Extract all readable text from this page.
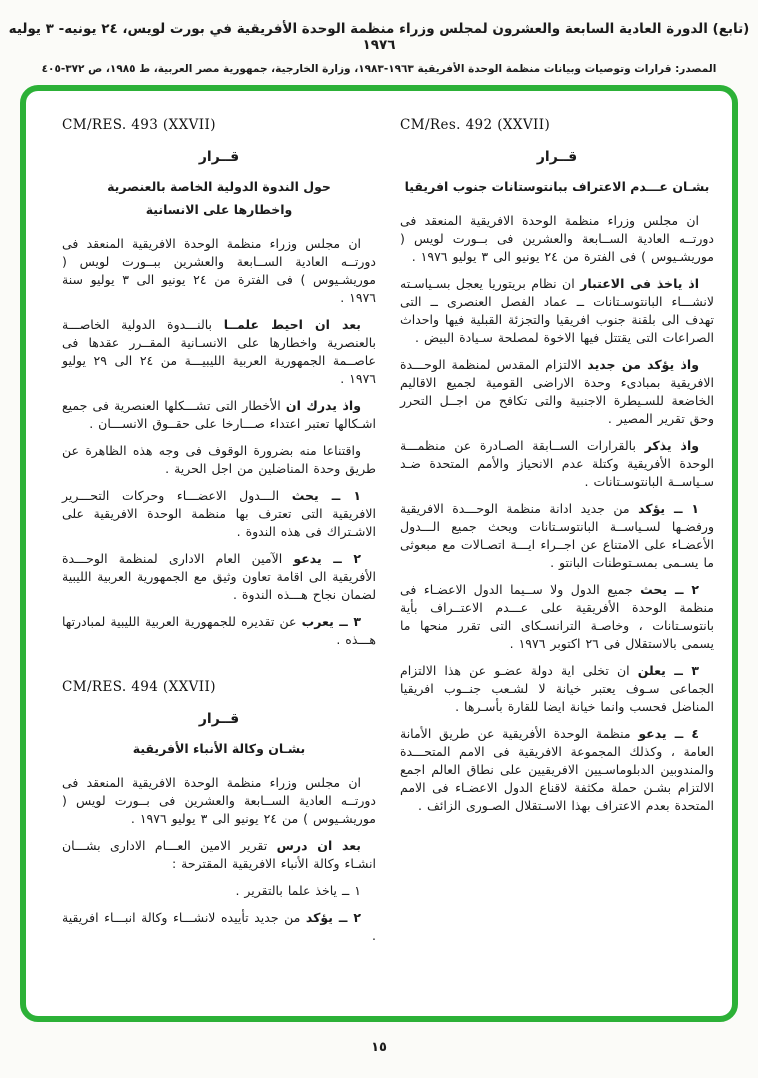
(تابع) الدورة العادية السابعة والعشرون لمجلس وزراء منظمة الوحدة الأفريقية في بورت لويس، ٢٤ يونيه- ٣ يوليه ١٩٧٦
المصدر: قرارات وتوصيات وبيانات منظمة الوحدة الأفريقية ١٩٦٣-١٩٨٣، وزارة الخارجية، جمهورية مصر العربية، ط ١٩٨٥، ص ٣٧٢-٤٠٥
CM/Res. 492 (XXVII)
قــرار
بشـان عـــدم الاعتراف ببانتوستانات جنوب افريقيا

ان مجلس وزراء منظمة الوحدة الافريقية المنعقد فى دورتــه العادية الســابعة والعشرين فى بــورت لويس ( موريشـيوس ) فى الفترة من ٢٤ يونيو الى ٣ يوليو ١٩٧٦ .

اذ ياخذ فى الاعتبار ان نظام بريتوريا يعجل بسـياسـته لانشـــاء البانتوسـتانات ــ عماد الفصل العنصرى ــ التى تهدف الى بلقنة جنوب افريقيا والتجزئة القبلية فيها واحداث الصراعات التى يقتتل فيها الاخوة لمصلحة سـيادة البيض .

واذ يؤكد من جديد الالتزام المقدس لمنظمة الوحـــدة الافريقية بمبادىء وحدة الاراضى القومية لجميع الاقاليم الخاضعة للسـيطرة الاجنبية والتى تكافح من اجــل التحرر وحق تقرير المصير .

واذ يذكر بالقرارات الســابقة الصـادرة عن منظمـــة الوحدة الأفريقية وكتلة عدم الانحياز والأمم المتحدة ضـد سـياســة البانتوسـتانات .

١ ــ يؤكد من جديد ادانة منظمة الوحـــدة الافريقية ورفضـها لسـياســة البانتوسـتانات ويحث جميع الـــدول الأعضـاء على الامتناع عن اجــراء ايـــة اتصـالات مع مبعوثى ما يسـمى بمسـتوطنات البانتو .

٢ ــ يحث جميع الدول ولا ســيما الدول الاعضـاء فى منظمة الوحدة الأفريقية على عـــدم الاعتــراف بأية بانتوسـتانات ، وخاصـة الترانسـكاى التى تقرر منحها ما يسمى بالاستقلال فى ٢٦ اكتوبر ١٩٧٦ .

٣ ــ يعلن ان تخلى اية دولة عضـو عن هذا الالتزام الجماعى سـوف يعتبر خيانة لا لشـعب جنــوب افريقيا المناضل فحسب وانما خيانة ايضا للقارة بأسـرها .

٤ ــ يدعو منظمة الوحدة الأفريقية عن طريق الأمانة العامة ، وكذلك المجموعة الافريقية فى الامم المتحـــدة والمندوبين الدبلوماسـيين الافريقيين على نطاق العالم اجمع الالتزام بشـن حملة مكثفة لاقناع الدول الاعضـاء فى الامم المتحدة بعدم الاعتراف بهذا الاسـتقلال الصـورى الزائف .

CM/RES. 493 (XXVII)
قــرار
حول الندوة الدولية الخاصة بالعنصرية
واخطارها على الانسانية

ان مجلس وزراء منظمة الوحدة الافريقية المنعقد فى دورتــه العادية الســابعة والعشرين ببــورت لويس ( موريشـيوس ) فى الفترة من ٢٤ يونيو الى ٣ يوليو سنة ١٩٧٦ .

بعد ان احيط علمــا بالنـــدوة الدولية الخاصـــة بالعنصرية واخطارها على الانسـانية المقــرر عقدها فى عاصــمة الجمهورية العربية الليبيـــة من ٢٤ الى ٢٩ يوليو ١٩٧٦ .

واذ يدرك ان الأخطار التى تشـــكلها العنصرية فى جميع اشـكالها تعتبر اعتداء صـــارخا على حقــوق الانســـان .

واقتناعا منه بضرورة الوقوف فى وجه هذه الظاهرة عن طريق وحدة المناضلين من اجل الحرية .

١ ــ يحث الـــدول الاعضـــاء وحركات التحـــرير الافريقية التى تعترف بها منظمة الوحدة الافريقية على الاشـتراك فى هذه الندوة .

٢ ــ يدعو الآمين العام الادارى لمنظمة الوحـــدة الأفريقية الى اقامة تعاون وثيق مع الجمهورية العربية الليبية لضمان نجاح هـــذه الندوة .

٣ ــ يعرب عن تقديره للجمهورية العربية الليبية لمبادرتها هـــذه .

CM/RES. 494 (XXVII)
قــرار
بشـان وكالة الأنباء الأفريقية

ان مجلس وزراء منظمة الوحدة الافريقية المنعقد فى دورتــه العادية الســابعة والعشرين فى بــورت لويس ( موريشـيوس ) من ٢٤ يونيو الى ٣ يوليو ١٩٧٦ .

بعد ان درس تقرير الامين العـــام الادارى بشـــان انشـاء وكالة الأنباء الافريقية المقترحة :

١ ــ ياخذ علما بالتقرير .

٢ ــ يؤكد من جديد تأييده لانشـــاء وكالة انبـــاء افريقية .

١٥
